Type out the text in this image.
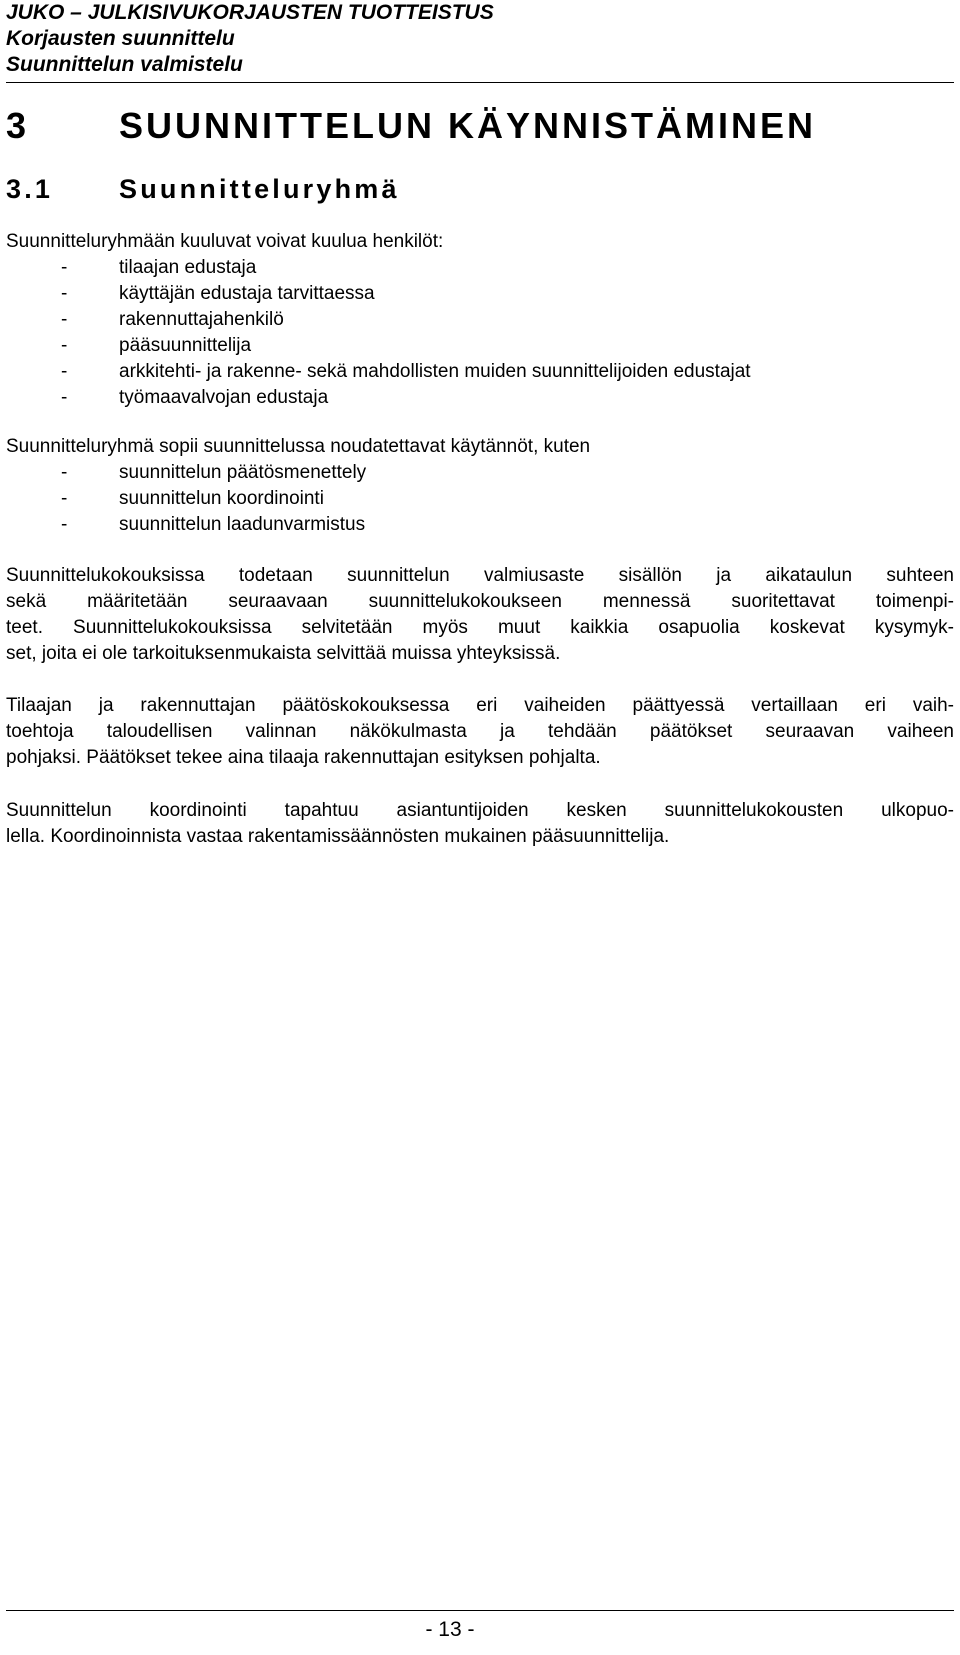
JUKO – JULKISIVUKORJAUSTEN TUOTTEISTUS
Korjausten suunnittelu
Suunnittelun valmistelu
3 SUUNNITTELUN KÄYNNISTÄMINEN
3.1 Suunnitteluryhmä

Suunnitteluryhmään kuuluvat voivat kuulua henkilöt:

-	tilaajan edustaja
-	käyttäjän edustaja tarvittaessa
-	rakennuttajahenkilö
-	pääsuunnittelija
-	arkkitehti- ja rakenne- sekä mahdollisten muiden suunnittelijoiden edustajat
-	työmaavalvojan edustaja

Suunnitteluryhmä sopii suunnittelussa noudatettavat käytännöt, kuten

-	suunnittelun päätösmenettely
-	suunnittelun koordinointi
-	suunnittelun laadunvarmistus
Suunnittelukokouksissa todetaan suunnittelun valmiusaste sisällön ja aikataulun suhteen
sekä määritetään seuraavaan suunnittelukokoukseen mennessä suoritettavat toimenpi-
teet. Suunnittelukokouksissa selvitetään myös muut kaikkia osapuolia koskevat kysymyk-
set, joita ei ole tarkoituksenmukaista selvittää muissa yhteyksissä.
Tilaajan ja rakennuttajan päätöskokouksessa eri vaiheiden päättyessä vertaillaan eri vaih-
toehtoja taloudellisen valinnan näkökulmasta ja tehdään päätökset seuraavan vaiheen
pohjaksi. Päätökset tekee aina tilaaja rakennuttajan esityksen pohjalta.
Suunnittelun koordinointi tapahtuu asiantuntijoiden kesken suunnittelukokousten ulkopuo-
lella. Koordinoinnista vastaa rakentamissäännösten mukainen pääsuunnittelija.
- 13 -
